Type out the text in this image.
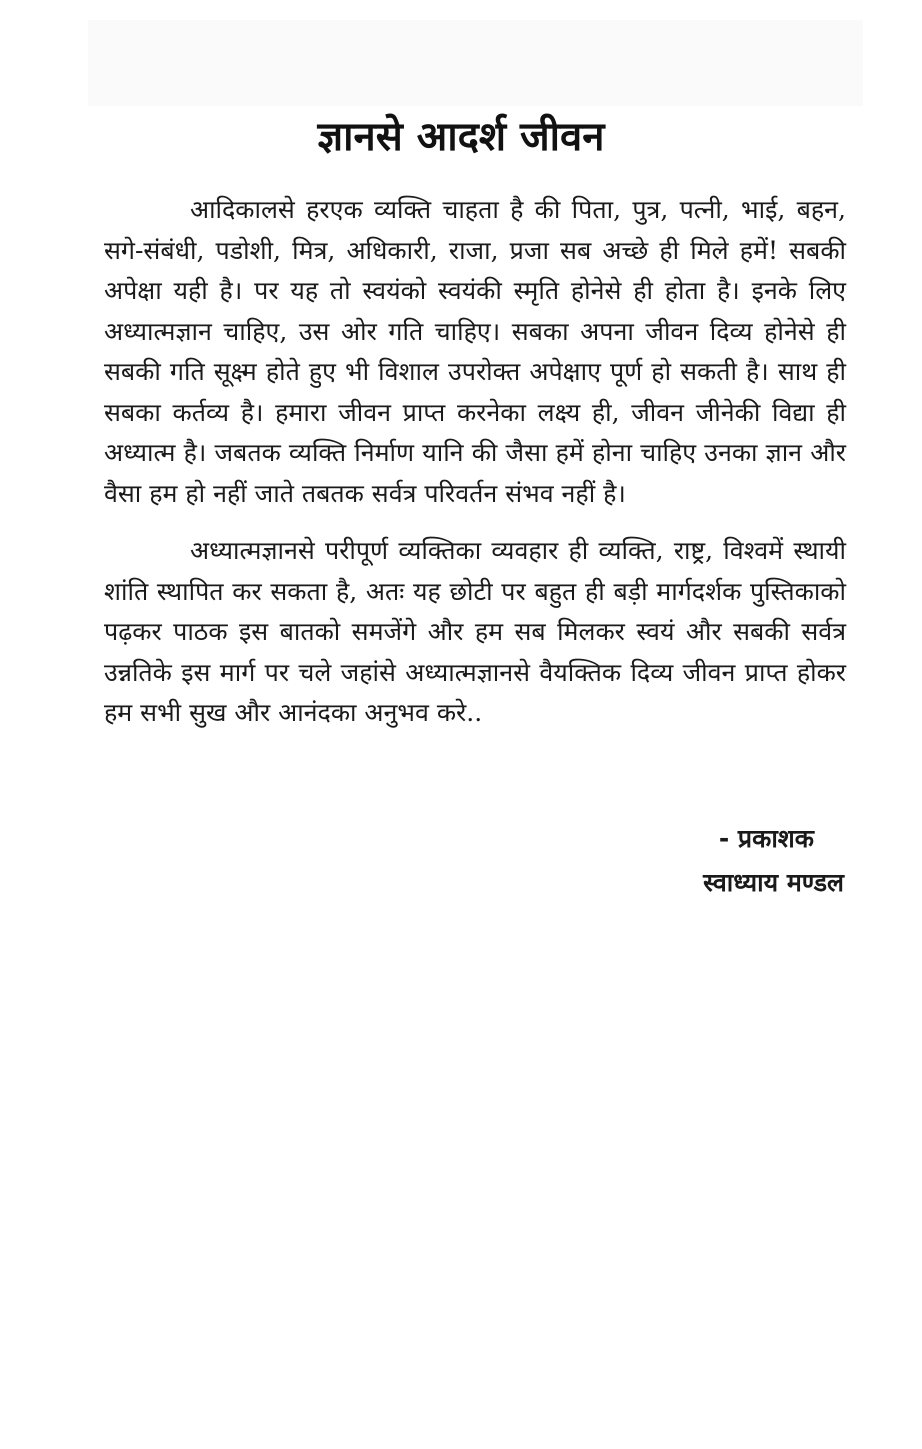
ज्ञानसे आदर्श जीवन

आदिकालसे हरएक व्यक्ति चाहता है की पिता, पुत्र, पत्नी, भाई, बहन, सगे-संबंधी, पडोशी, मित्र, अधिकारी, राजा, प्रजा सब अच्छे ही मिले हमें! सबकी अपेक्षा यही है। पर यह तो स्वयंको स्वयंकी स्मृति होनेसे ही होता है। इनके लिए अध्यात्मज्ञान चाहिए, उस ओर गति चाहिए। सबका अपना जीवन दिव्य होनेसे ही सबकी गति सूक्ष्म होते हुए भी विशाल उपरोक्त अपेक्षाए पूर्ण हो सकती है। साथ ही सबका कर्तव्य है। हमारा जीवन प्राप्त करनेका लक्ष्य ही, जीवन जीनेकी विद्या ही अध्यात्म है। जबतक व्यक्ति निर्माण यानि की जैसा हमें होना चाहिए उनका ज्ञान और वैसा हम हो नहीं जाते तबतक सर्वत्र परिवर्तन संभव नहीं है।

अध्यात्मज्ञानसे परीपूर्ण व्यक्तिका व्यवहार ही व्यक्ति, राष्ट्र, विश्वमें स्थायी शांति स्थापित कर सकता है, अतः यह छोटी पर बहुत ही बड़ी मार्गदर्शक पुस्तिकाको पढ़कर पाठक इस बातको समजेंगे और हम सब मिलकर स्वयं और सबकी सर्वत्र उन्नतिके इस मार्ग पर चले जहांसे अध्यात्मज्ञानसे वैयक्तिक दिव्य जीवन प्राप्त होकर हम सभी सुख और आनंदका अनुभव करे..

- प्रकाशक
स्वाध्याय मण्डल
